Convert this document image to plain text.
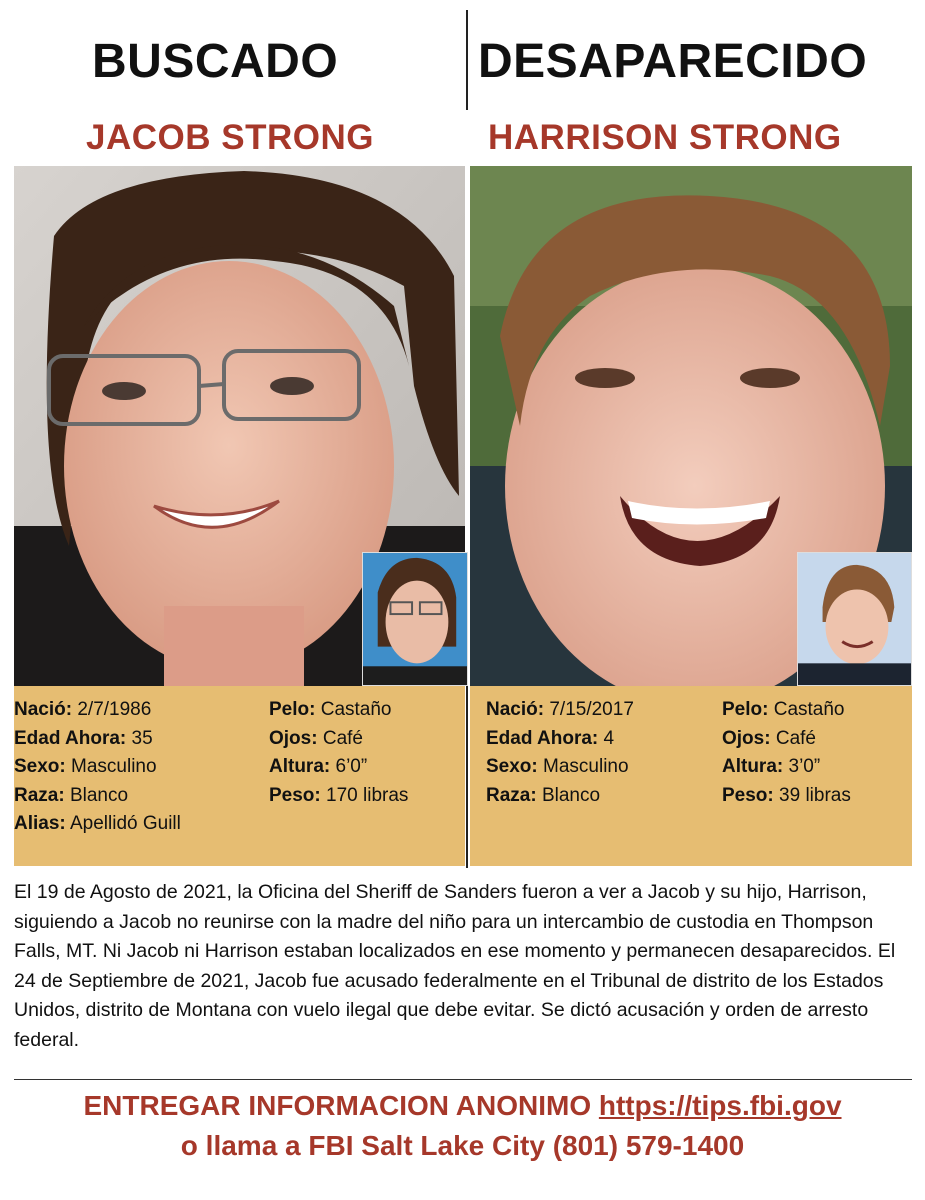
BUSCADO	DESAPARECIDO
JACOB STRONG	HARRISON STRONG
Nació: 2/7/1986
Edad Ahora: 35
Sexo: Masculino
Raza: Blanco
Alias: Apellidó Guill
Pelo: Castaño
Ojos: Café
Altura: 6’0”
Peso: 170 libras
Nació: 7/15/2017
Edad Ahora: 4
Sexo: Masculino
Raza: Blanco
Pelo: Castaño
Ojos: Café
Altura: 3’0”
Peso: 39 libras
El 19 de Agosto de 2021, la Oficina del Sheriff de Sanders fueron a ver a Jacob y su hijo, Harrison, siguiendo a Jacob no reunirse con la madre del niño para un intercambio de custodia en Thompson Falls, MT. Ni Jacob ni Harrison estaban localizados en ese momento y permanecen desaparecidos. El 24 de Septiembre de 2021, Jacob fue acusado federalmente en el Tribunal de distrito de los Estados Unidos, distrito de Montana con vuelo ilegal que debe evitar. Se dictó acusación y orden de arresto federal.
ENTREGAR INFORMACION ANONIMO https://tips.fbi.gov
o llama a FBI Salt Lake City (801) 579-1400
